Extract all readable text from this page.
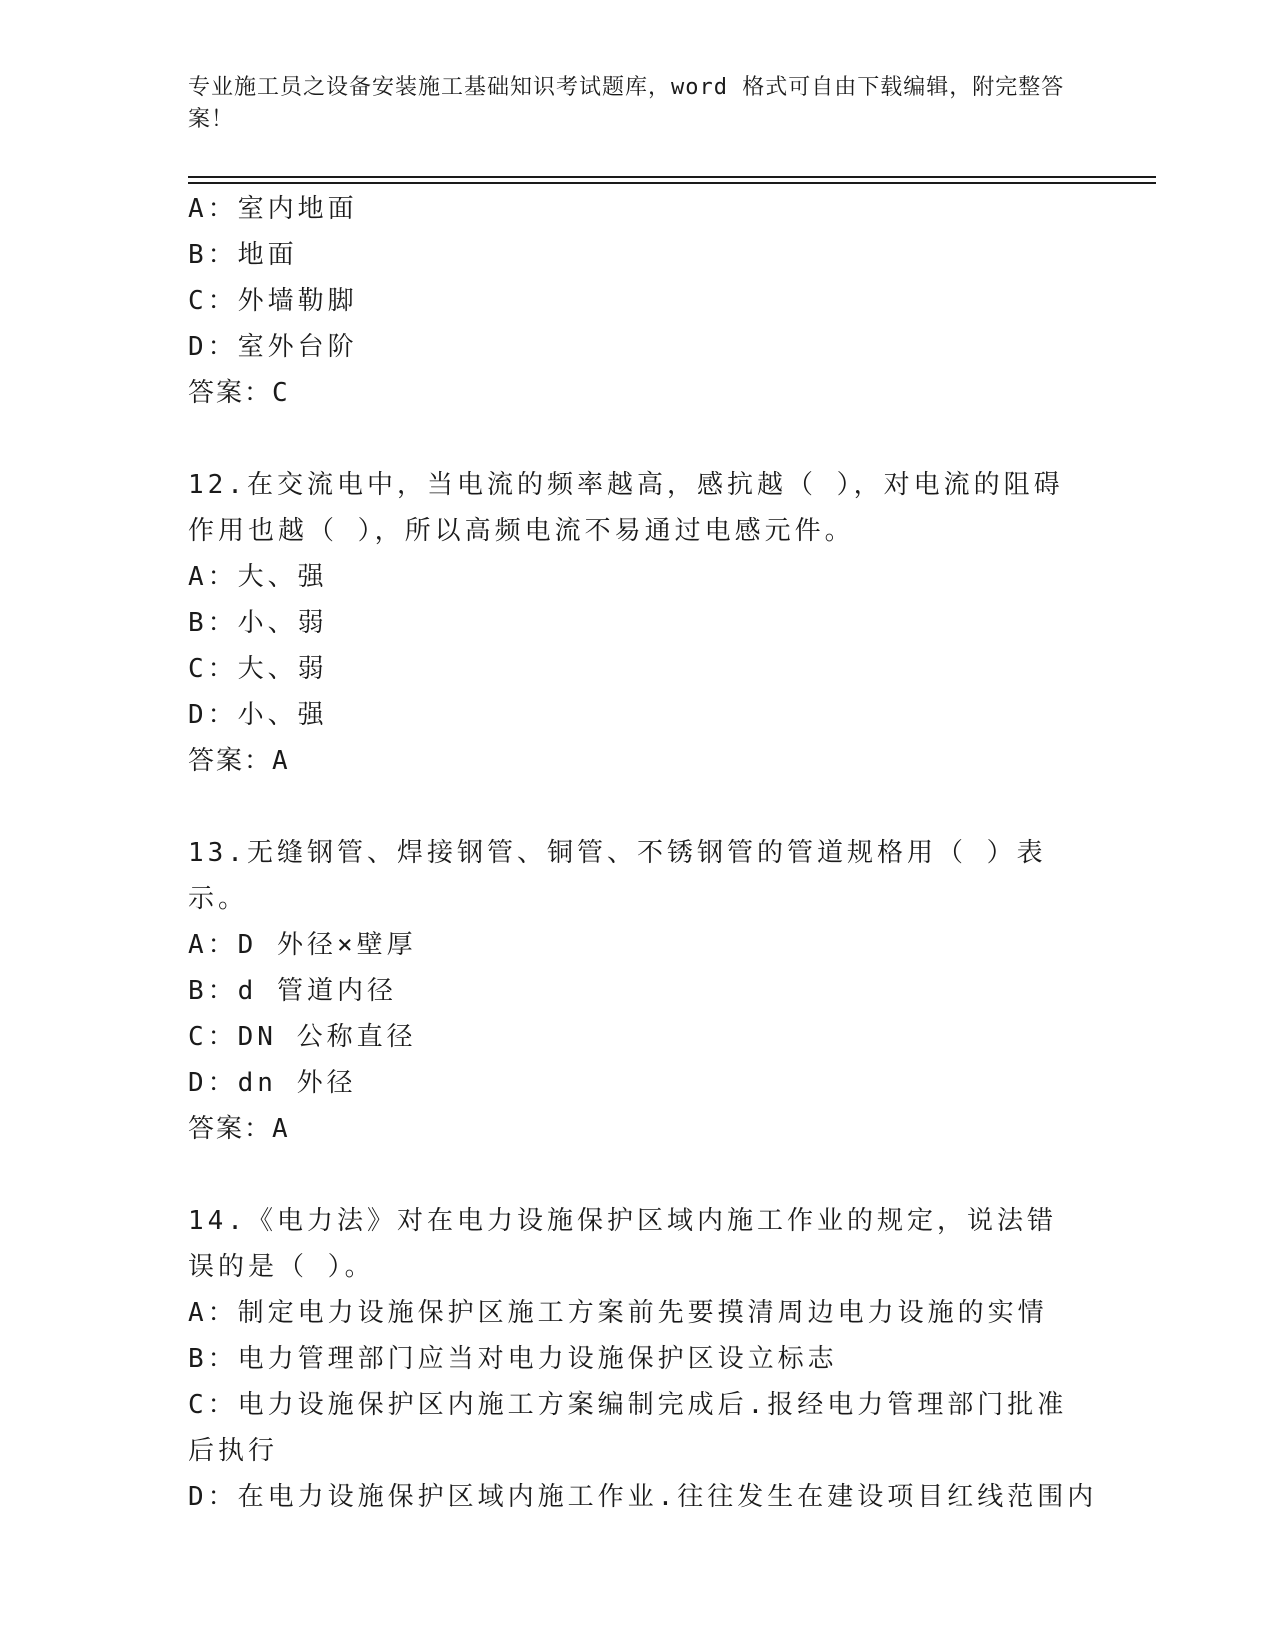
专业施工员之设备安装施工基础知识考试题库，word 格式可自由下载编辑，附完整答案！
A：室内地面
B：地面
C：外墙勒脚
D：室外台阶
答案：C
12.在交流电中，当电流的频率越高，感抗越（ ），对电流的阻碍作用也越（ ），所以高频电流不易通过电感元件。
A：大、强
B：小、弱
C：大、弱
D：小、强
答案：A
13.无缝钢管、焊接钢管、铜管、不锈钢管的管道规格用（ ）表示。
A：D 外径×壁厚
B：d 管道内径
C：DN 公称直径
D：dn 外径
答案：A
14.《电力法》对在电力设施保护区域内施工作业的规定，说法错误的是（ ）。
A：制定电力设施保护区施工方案前先要摸清周边电力设施的实情
B：电力管理部门应当对电力设施保护区设立标志
C：电力设施保护区内施工方案编制完成后.报经电力管理部门批准后执行
D：在电力设施保护区域内施工作业.往往发生在建设项目红线范围内
